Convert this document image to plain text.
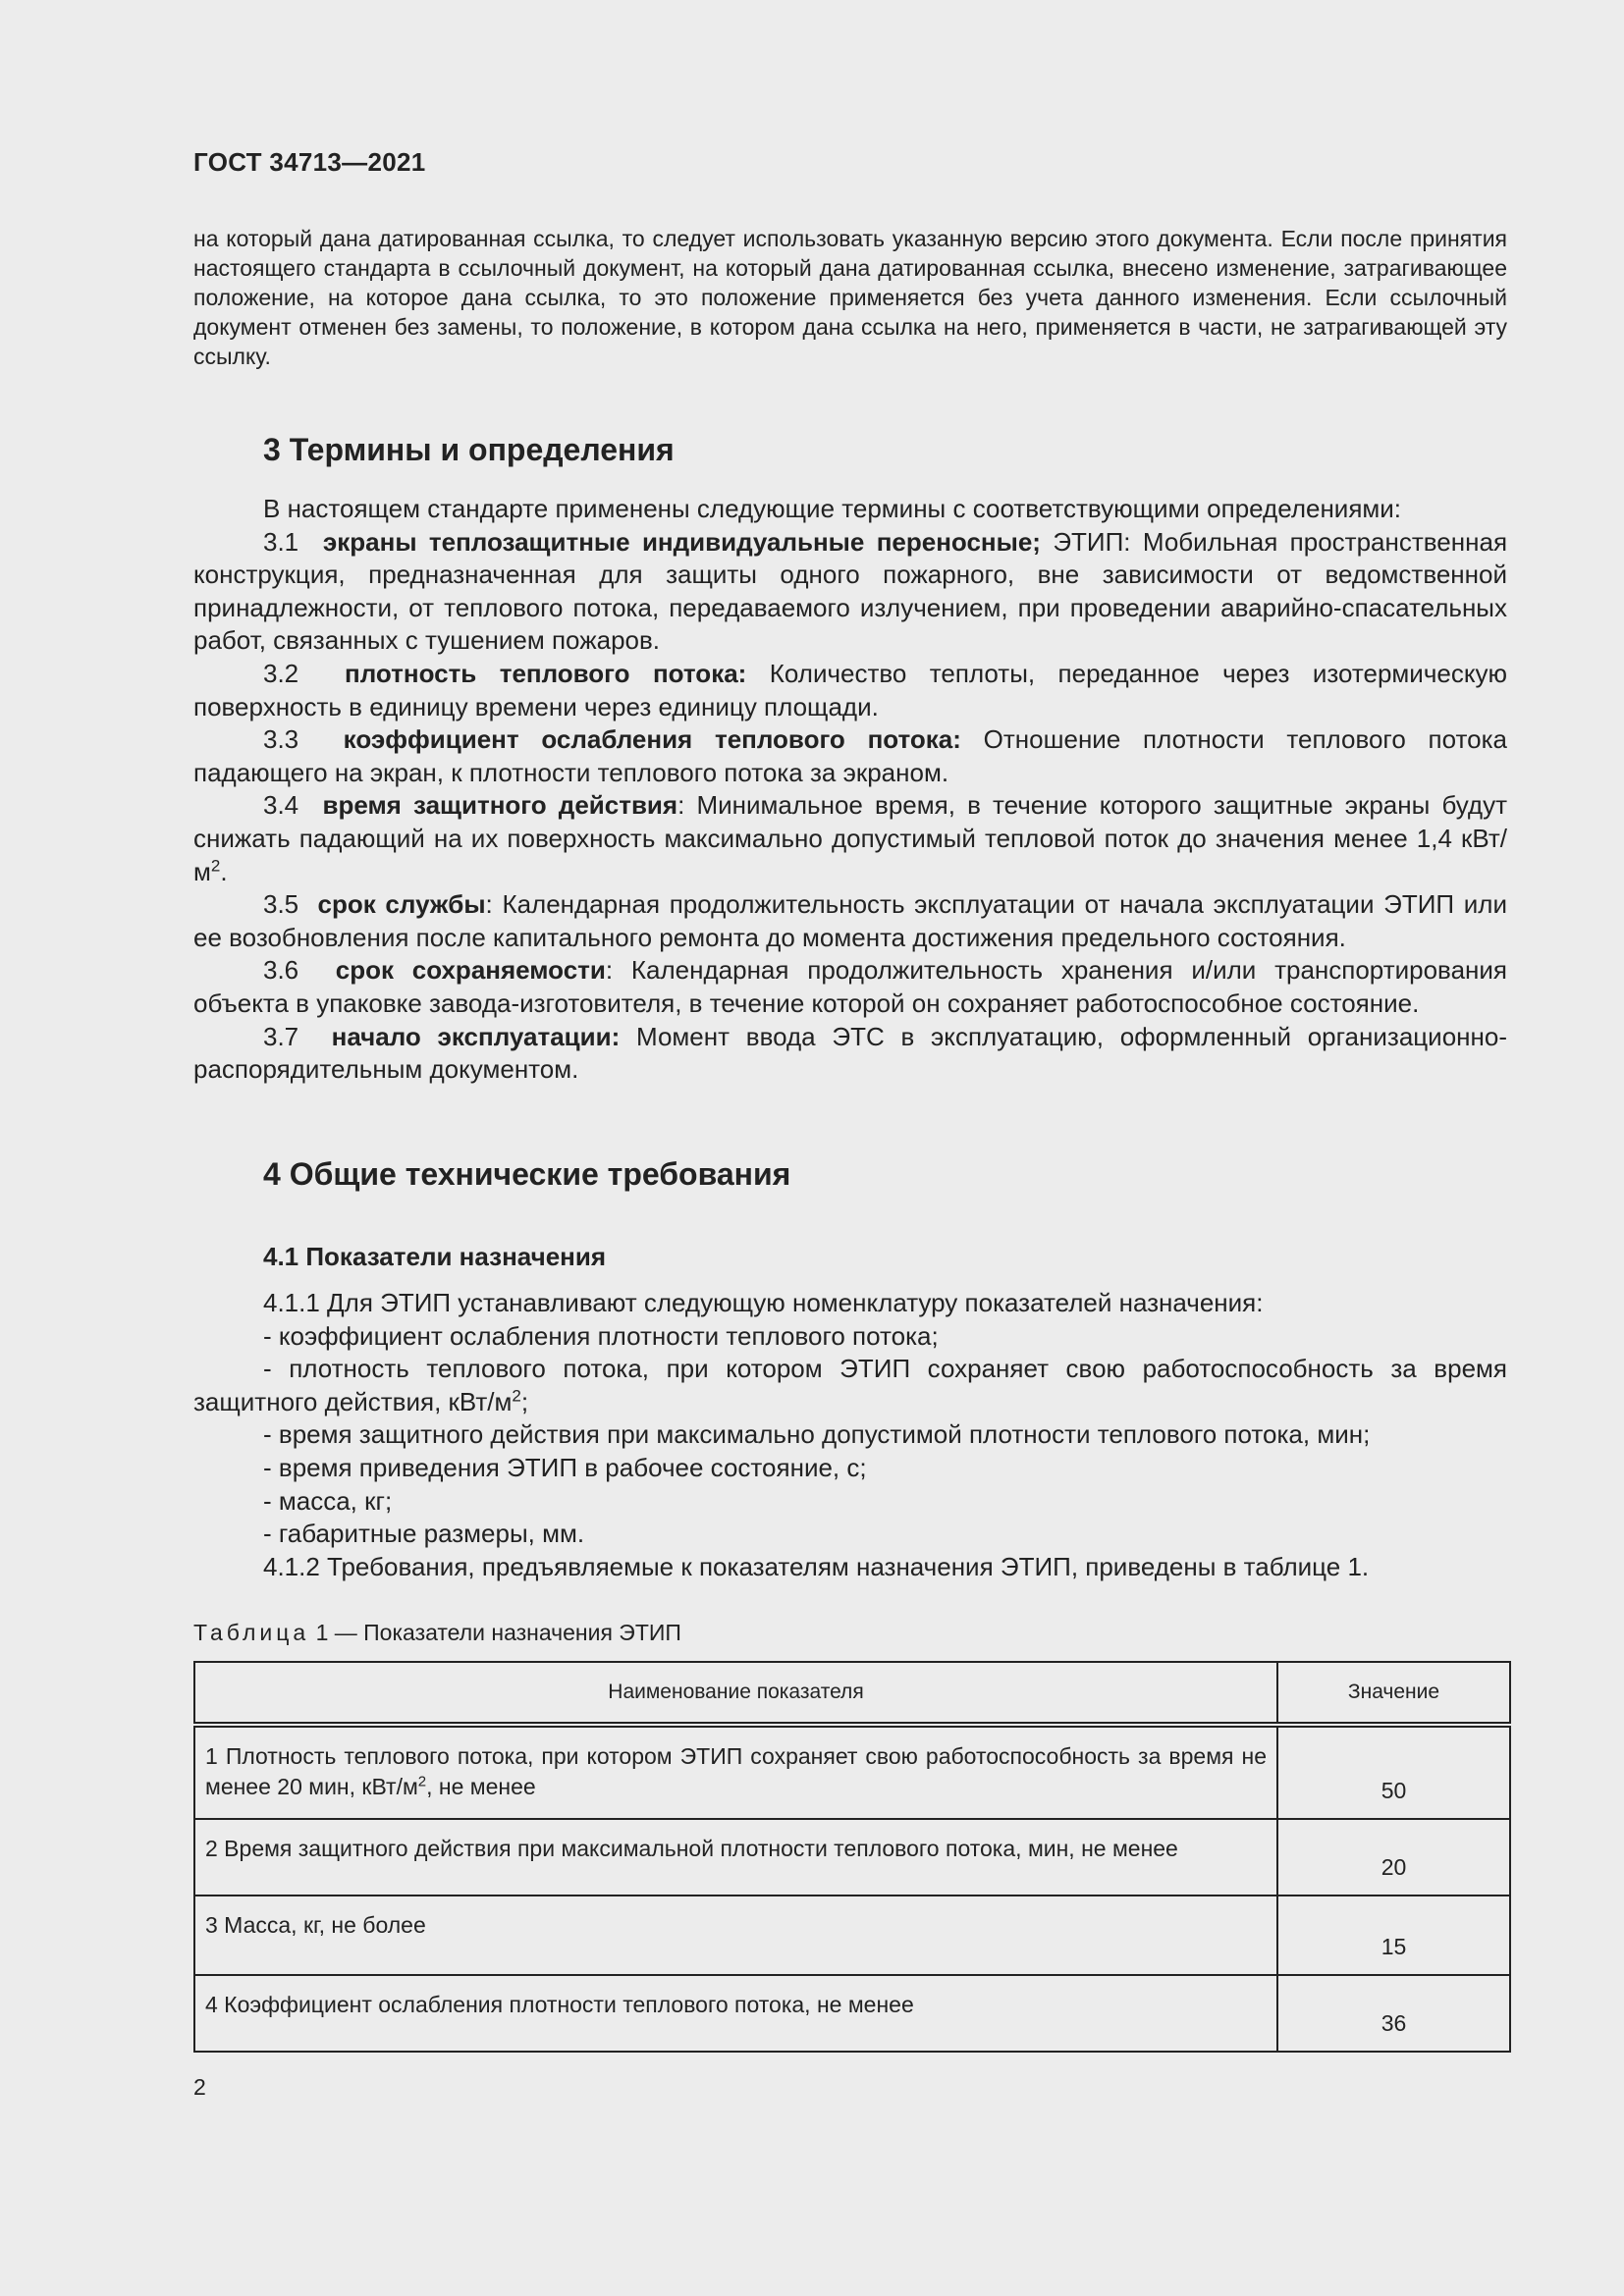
ГОСТ 34713—2021
на который дана датированная ссылка, то следует использовать указанную версию этого документа. Если после принятия настоящего стандарта в ссылочный документ, на который дана датированная ссылка, внесено изменение, затрагивающее положение, на которое дана ссылка, то это положение применяется без учета данного изменения. Если ссылочный документ отменен без замены, то положение, в котором дана ссылка на него, применяется в части, не затрагивающей эту ссылку.
3 Термины и определения

В настоящем стандарте применены следующие термины с соответствующими определениями:

3.1 экраны теплозащитные индивидуальные переносные; ЭТИП: Мобильная пространственная конструкция, предназначенная для защиты одного пожарного, вне зависимости от ведомственной принадлежности, от теплового потока, передаваемого излучением, при проведении аварийно-спасательных работ, связанных с тушением пожаров.

3.2 плотность теплового потока: Количество теплоты, переданное через изотермическую поверхность в единицу времени через единицу площади.

3.3 коэффициент ослабления теплового потока: Отношение плотности теплового потока падающего на экран, к плотности теплового потока за экраном.

3.4 время защитного действия: Минимальное время, в течение которого защитные экраны будут снижать падающий на их поверхность максимально допустимый тепловой поток до значения менее 1,4 кВт/$м^2$.

3.5 срок службы: Календарная продолжительность эксплуатации от начала эксплуатации ЭТИП или ее возобновления после капитального ремонта до момента достижения предельного состояния.

3.6 срок сохраняемости: Календарная продолжительность хранения и/или транспортирования объекта в упаковке завода-изготовителя, в течение которой он сохраняет работоспособное состояние.

3.7 начало эксплуатации: Момент ввода ЭТС в эксплуатацию, оформленный организационно-распорядительным документом.

4 Общие технические требования
4.1 Показатели назначения

4.1.1 Для ЭТИП устанавливают следующую номенклатуру показателей назначения:

- коэффициент ослабления плотности теплового потока;

- плотность теплового потока, при котором ЭТИП сохраняет свою работоспособность за время защитного действия, кВт/$м^2$;

- время защитного действия при максимально допустимой плотности теплового потока, мин;

- время приведения ЭТИП в рабочее состояние, с;

- масса, кг;

- габаритные размеры, мм.

4.1.2 Требования, предъявляемые к показателям назначения ЭТИП, приведены в таблице 1.

Таблица 1 — Показатели назначения ЭТИП
Наименование показателя	Значение
1 Плотность теплового потока, при котором ЭТИП сохраняет свою работоспособность за время не менее 20 мин, кВт/$м^2$, не менее	50
2 Время защитного действия при максимальной плотности теплового потока, мин, не менее	20
3 Масса, кг, не более	15
4 Коэффициент ослабления плотности теплового потока, не менее	36
2
